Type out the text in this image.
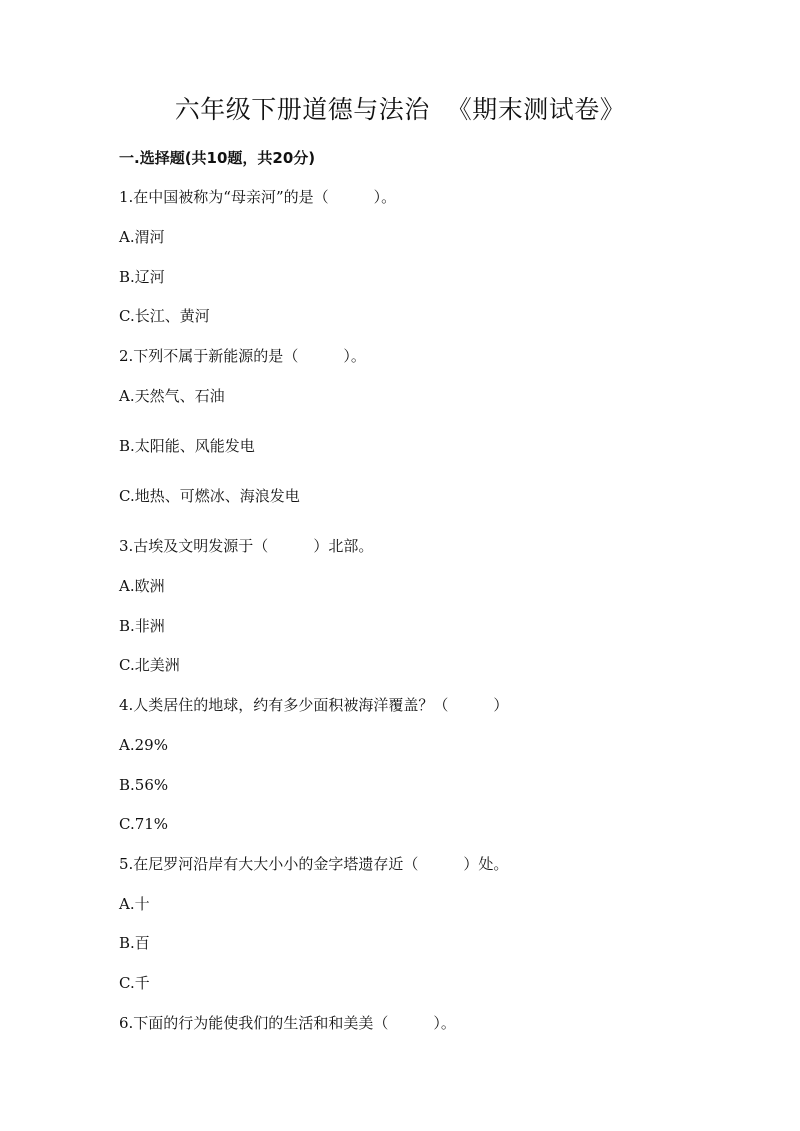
六年级下册道德与法治  《期末测试卷》
一.选择题(共10题，共20分)
1.在中国被称为“母亲河”的是（　　　）。
A.渭河
B.辽河
C.长江、黄河
2.下列不属于新能源的是（　　　）。
A.天然气、石油
B.太阳能、风能发电
C.地热、可燃冰、海浪发电
3.古埃及文明发源于（　　　）北部。
A.欧洲
B.非洲
C.北美洲
4.人类居住的地球，约有多少面积被海洋覆盖？（　　　）
A.29%
B.56%
C.71%
5.在尼罗河沿岸有大大小小的金字塔遗存近（　　　）处。
A.十
B.百
C.千
6.下面的行为能使我们的生活和和美美（　　　）。
